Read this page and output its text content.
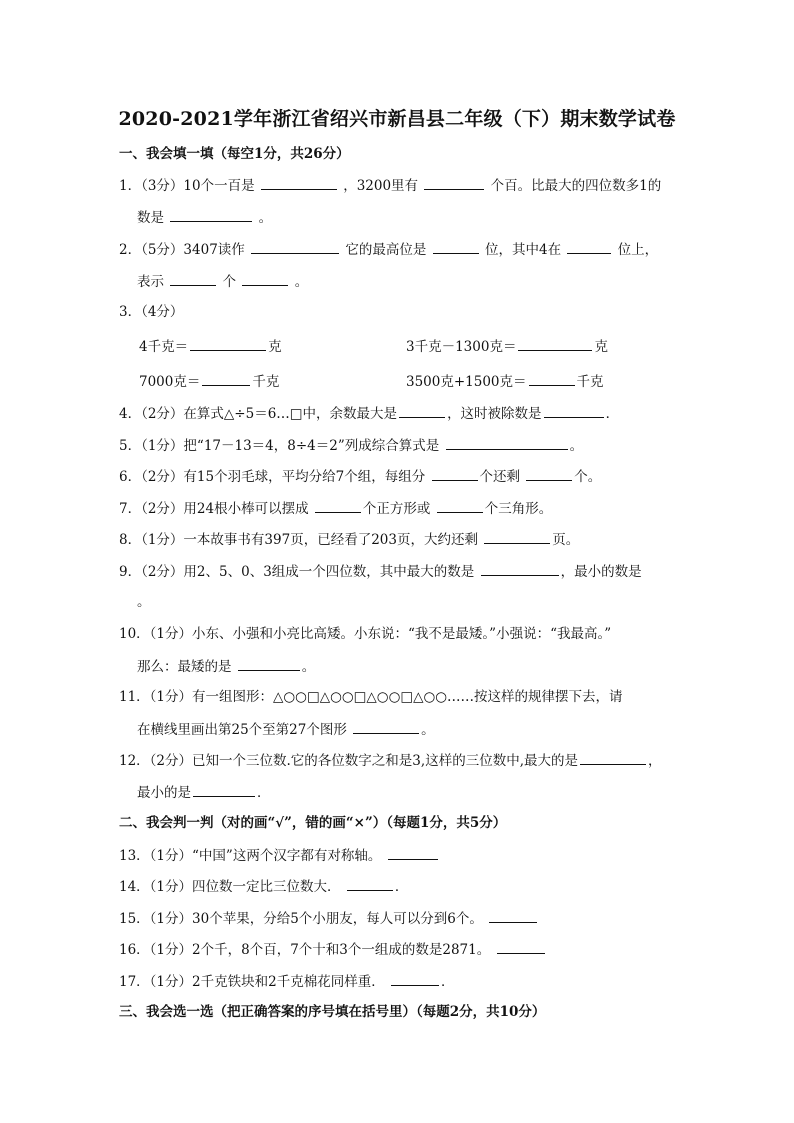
2020-2021学年浙江省绍兴市新昌县二年级（下）期末数学试卷
一、我会填一填（每空1分，共26分）
1．（3分）10个一百是	，3200里有	个百。比最大的四位数多1的
数是	。
2．（5分）3407读作	它的最高位是	位，其中4在	位上，
表示	个	。
3．（4分）
4千克＝	克	3千克－1300克＝	克
7000克＝	千克	3500克+1500克＝	千克
4．（2分）在算式△÷5＝6…□中，余数最大是	，这时被除数是	．
5．（1分）把“17－13＝4，8÷4＝2”列成综合算式是	。
6．（2分）有15个羽毛球，平均分给7个组，每组分	个还剩	个。
7．（2分）用24根小棒可以摆成	个正方形或	个三角形。
8．（1分）一本故事书有397页，已经看了203页，大约还剩	页。
9．（2分）用2、5、0、3组成一个四位数，其中最大的数是	，最小的数是
。
10．（1分）小东、小强和小亮比高矮。小东说：“我不是最矮。”小强说：“我最高。”
那么：最矮的是	。
11．（1分）有一组图形：△○○□△○○□△○○□△○○……按这样的规律摆下去，请
在横线里画出第25个至第27个图形	。
12．（2分）已知一个三位数.它的各位数字之和是3,这样的三位数中,最大的是	，
最小的是	．
二、我会判一判（对的画“√”，错的画“×”）（每题1分，共5分）
13．（1分）“中国”这两个汉字都有对称轴。
14．（1分）四位数一定比三位数大．	．
15．（1分）30个苹果，分给5个小朋友，每人可以分到6个。
16．（1分）2个千，8个百，7个十和3个一组成的数是2871。
17．（1分）2千克铁块和2千克棉花同样重．	．
三、我会选一选（把正确答案的序号填在括号里）（每题2分，共10分）
